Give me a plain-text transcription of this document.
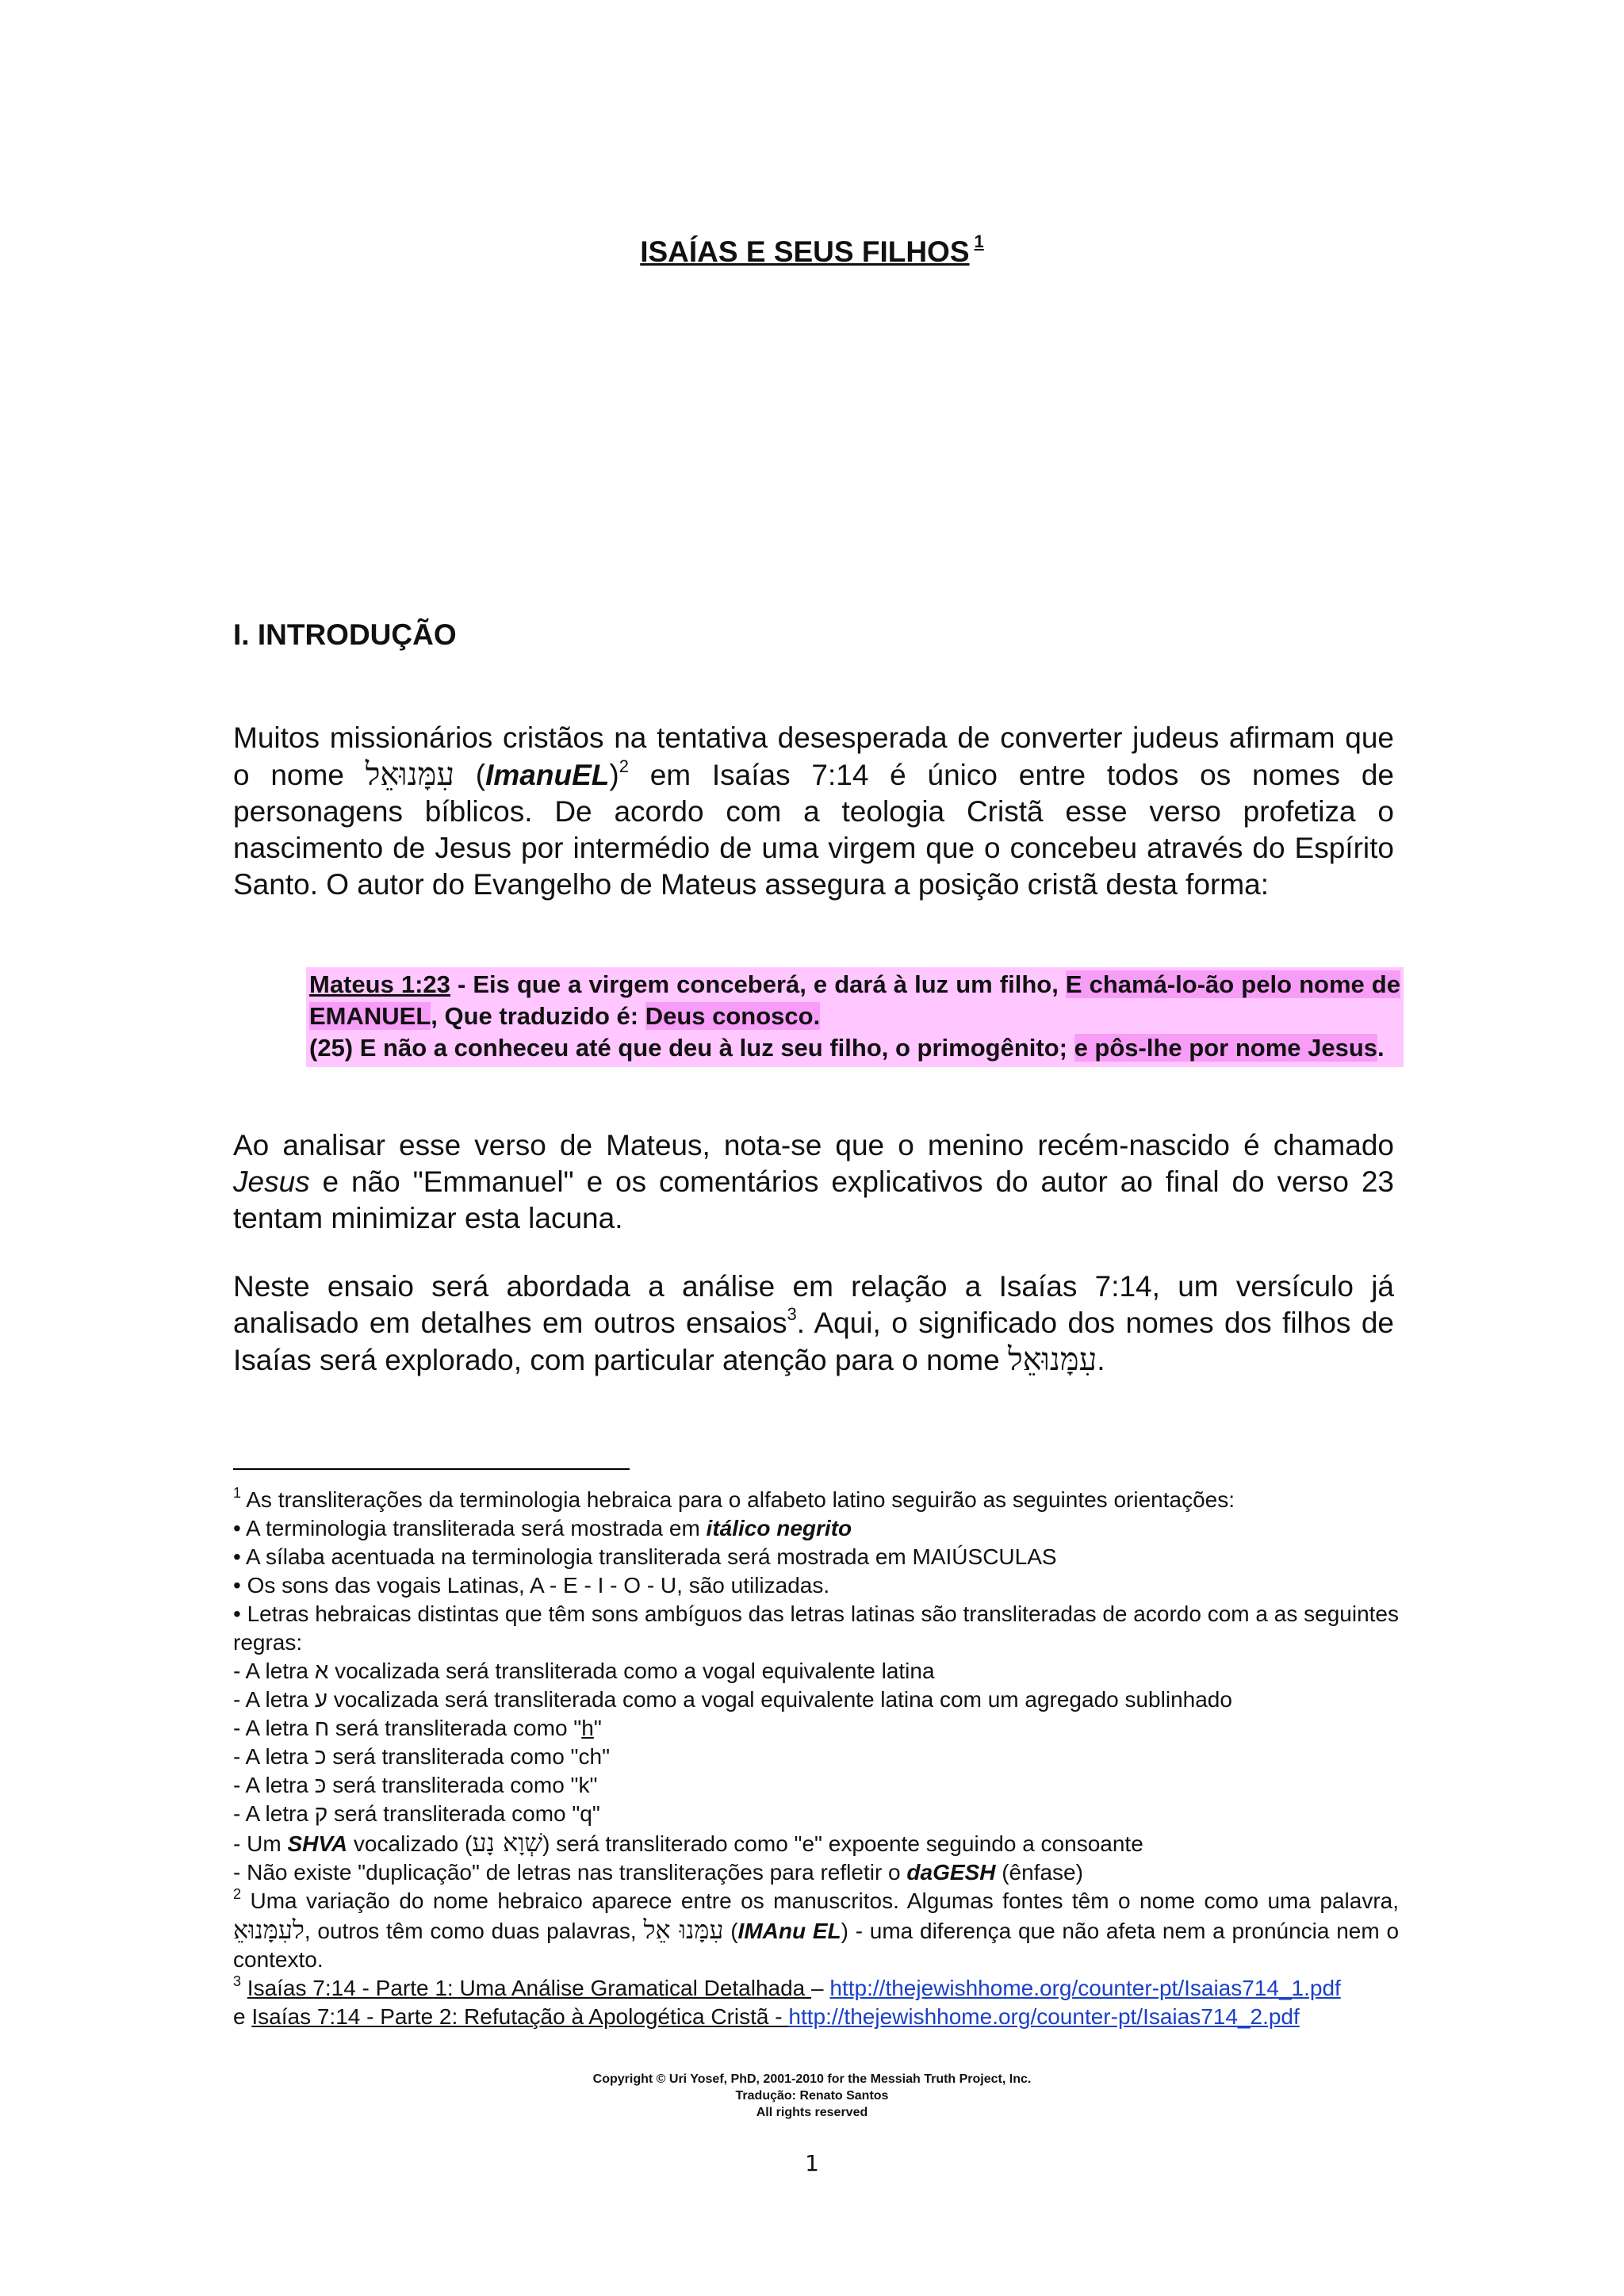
ISAÍAS E SEUS FILHOS $^1$
I. INTRODUÇÃO
Muitos missionários cristãos na tentativa desesperada de converter judeus afirmam que o nome עִמָּנוּאֵל (ImanuEL)$^2$ em Isaías 7:14 é único entre todos os nomes de personagens bíblicos. De acordo com a teologia Cristã esse verso profetiza o nascimento de Jesus por intermédio de uma virgem que o concebeu através do Espírito Santo. O autor do Evangelho de Mateus assegura a posição cristã desta forma:
Mateus 1:23 - Eis que a virgem conceberá, e dará à luz um filho, E chamá-lo-ão pelo nome de EMANUEL, Que traduzido é: Deus conosco.
(25) E não a conheceu até que deu à luz seu filho, o primogênito; e pôs-lhe por nome Jesus.
Ao analisar esse verso de Mateus, nota-se que o menino recém-nascido é chamado Jesus e não "Emmanuel" e os comentários explicativos do autor ao final do verso 23 tentam minimizar esta lacuna.
Neste ensaio será abordada a análise em relação a Isaías 7:14, um versículo já analisado em detalhes em outros ensaios$^3$. Aqui, o significado dos nomes dos filhos de Isaías será explorado, com particular atenção para o nome עִמָּנוּאֵל.
$^1$ As transliterações da terminologia hebraica para o alfabeto latino seguirão as seguintes orientações:
• A terminologia transliterada será mostrada em itálico negrito
• A sílaba acentuada na terminologia transliterada será mostrada em MAIÚSCULAS
• Os sons das vogais Latinas, A - E - I - O - U, são utilizadas.
• Letras hebraicas distintas que têm sons ambíguos das letras latinas são transliteradas de acordo com a as seguintes regras:
- A letra א vocalizada será transliterada como a vogal equivalente latina
- A letra ע vocalizada será transliterada como a vogal equivalente latina com um agregado sublinhado
- A letra ח será transliterada como "h"
- A letra כ será transliterada como "ch"
- A letra כּ será transliterada como "k"
- A letra ק será transliterada como "q"
- Um SHVA vocalizado (שְׁוָא נָע) será transliterado como "e" expoente seguindo a consoante
- Não existe "duplicação" de letras nas transliterações para refletir o daGESH (ênfase)
$^2$ Uma variação do nome hebraico aparece entre os manuscritos. Algumas fontes têm o nome como uma palavra, לעִמָּנוּאֵ, outros têm como duas palavras, עִמָּנוּ אֵל (IMAnu EL) - uma diferença que não afeta nem a pronúncia nem o contexto.
$^3$ Isaías 7:14 - Parte 1: Uma Análise Gramatical Detalhada – http://thejewishhome.org/counter-pt/Isaias714_1.pdf
e Isaías 7:14 - Parte 2: Refutação à Apologética Cristã - http://thejewishhome.org/counter-pt/Isaias714_2.pdf
Copyright © Uri Yosef, PhD, 2001-2010 for the Messiah Truth Project, Inc.
Tradução: Renato Santos
All rights reserved
1
